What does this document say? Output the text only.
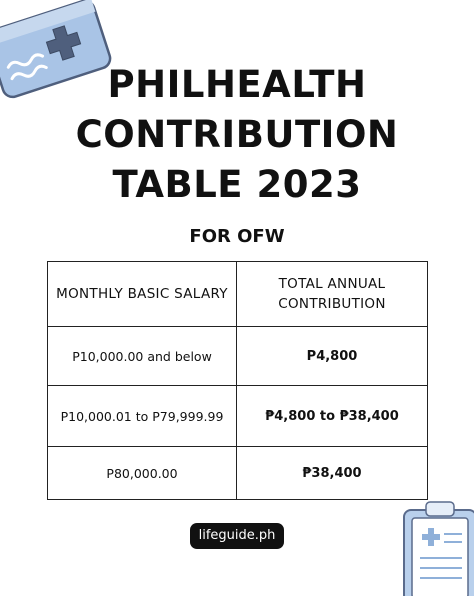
PHILHEALTH
CONTRIBUTION
TABLE 2023

FOR OFW

MONTHLY BASIC SALARY	TOTAL ANNUAL CONTRIBUTION
P10,000.00 and below	P4,800
P10,000.01 to P79,999.99	₱4,800 to ₱38,400
P80,000.00	₱38,400
lifeguide.ph
